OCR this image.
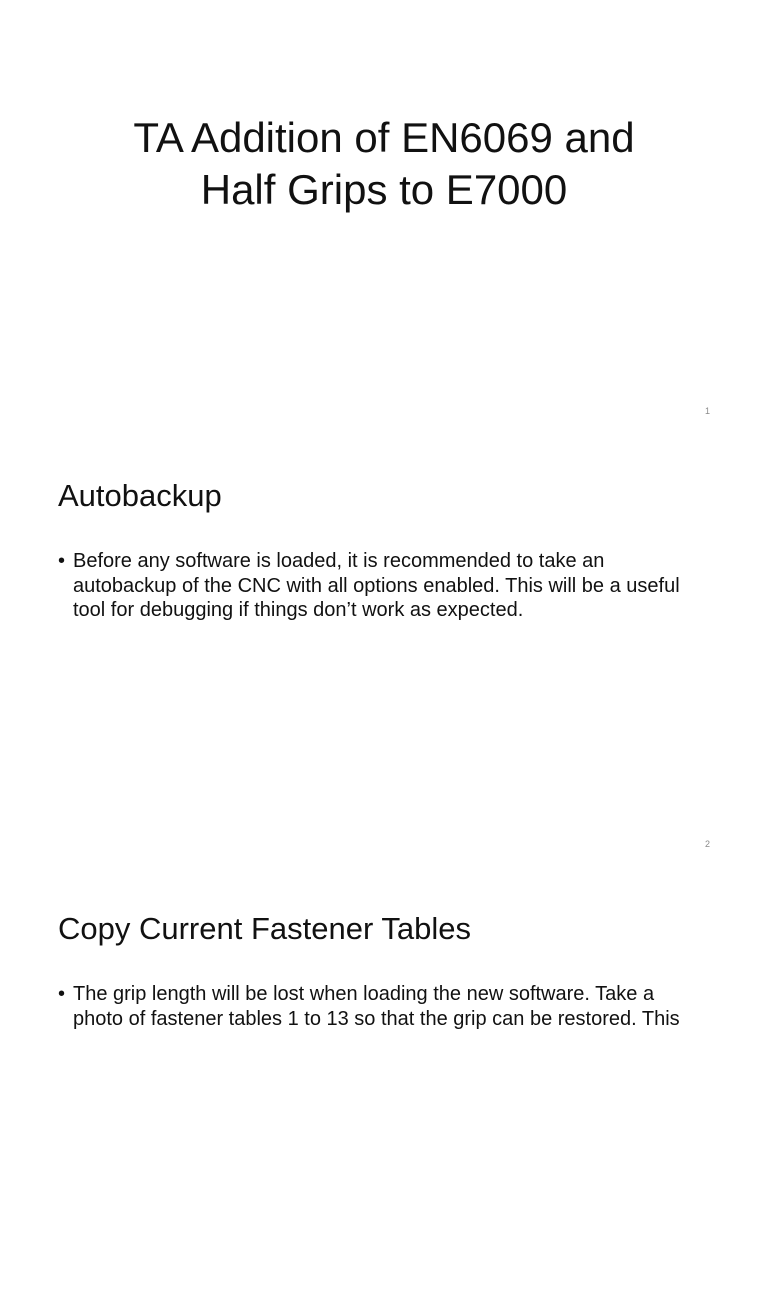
TA Addition of EN6069 and
Half Grips to E7000
1
Autobackup
• Before any software is loaded, it is recommended to take an autobackup of the CNC with all options enabled. This will be a useful tool for debugging if things don’t work as expected.
2
Copy Current Fastener Tables
• The grip length will be lost when loading the new software. Take a photo of fastener tables 1 to 13 so that the grip can be restored. This
